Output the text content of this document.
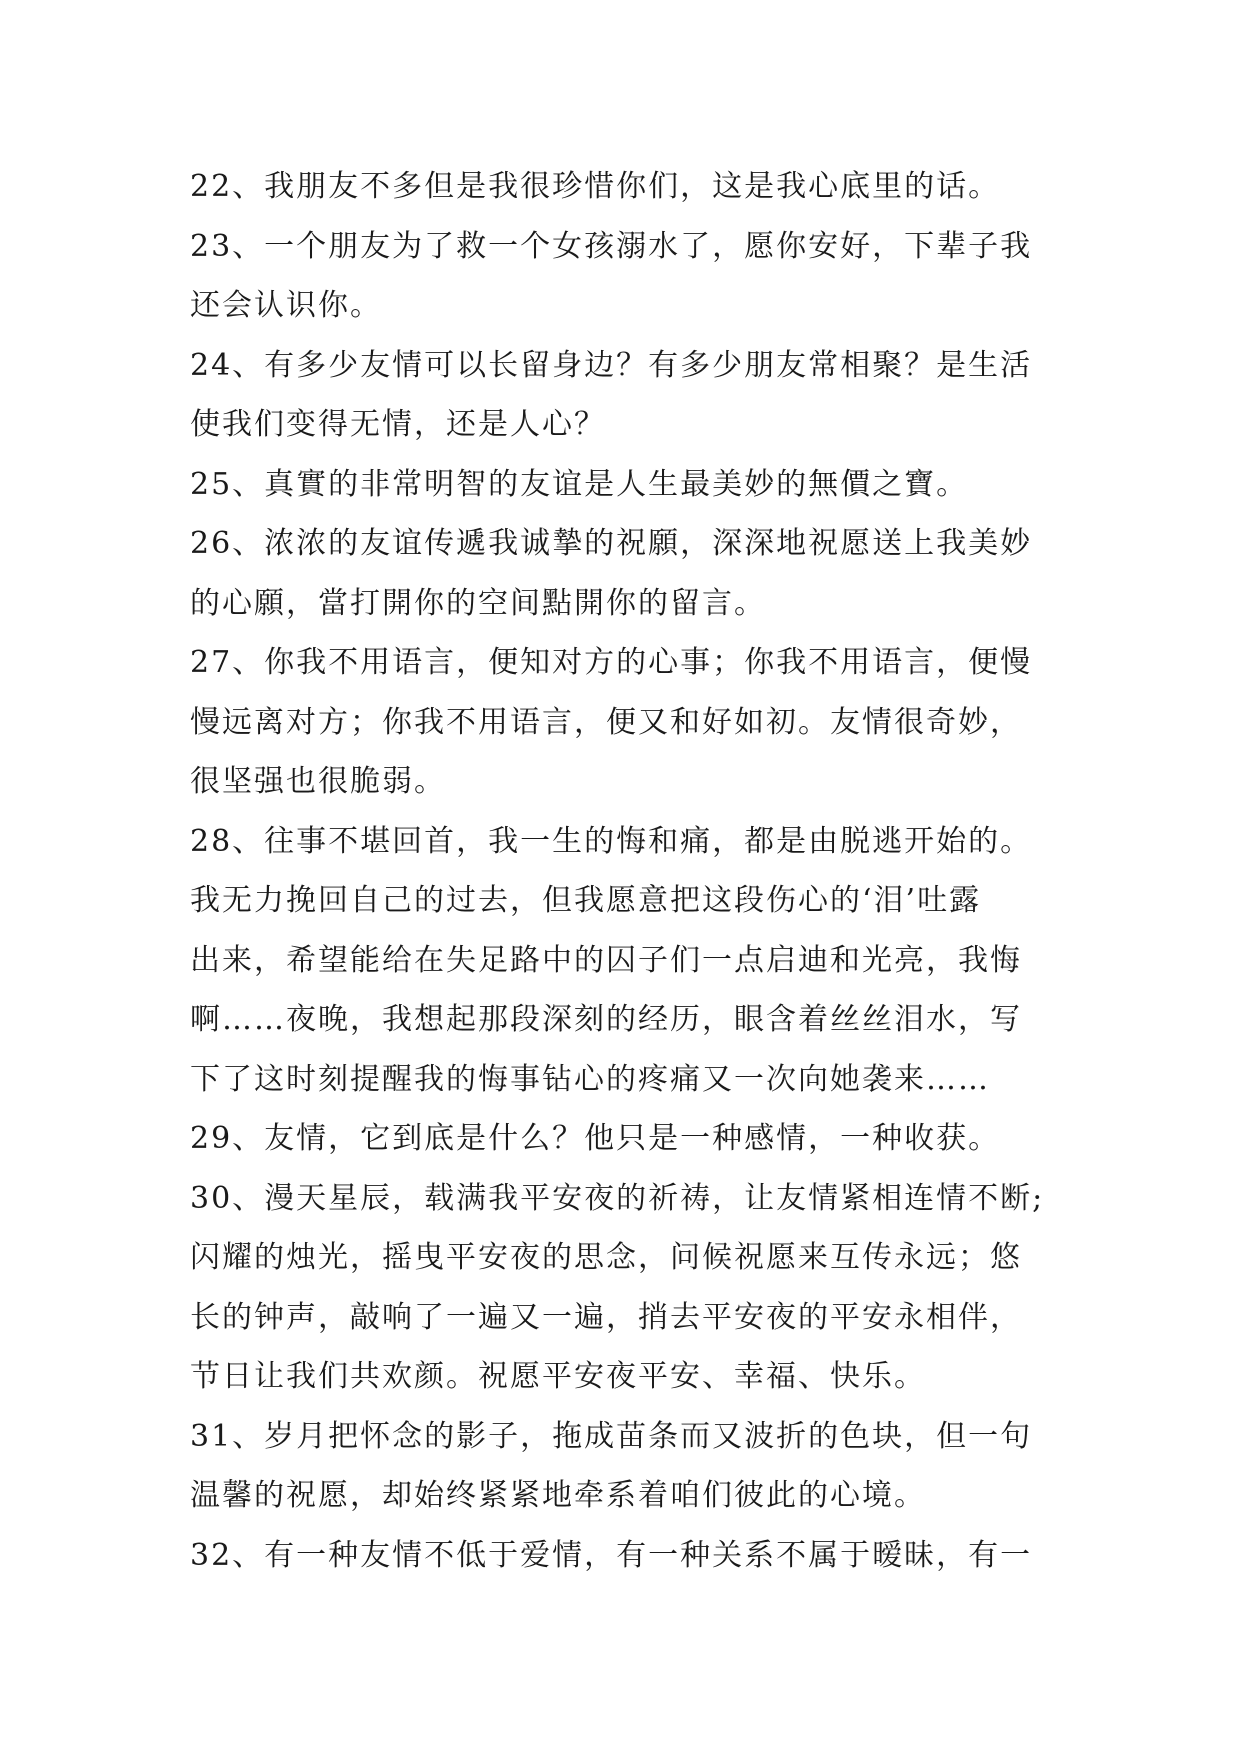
22、我朋友不多但是我很珍惜你们，这是我心底里的话。
23、一个朋友为了救一个女孩溺水了，愿你安好，下辈子我
还会认识你。
24、有多少友情可以长留身边？有多少朋友常相聚？是生活
使我们变得无情，还是人心？
25、真實的非常明智的友谊是人生最美妙的無價之寶。
26、浓浓的友谊传遞我诚摯的祝願，深深地祝愿送上我美妙
的心願，當打開你的空间點開你的留言。
27、你我不用语言，便知对方的心事；你我不用语言，便慢
慢远离对方；你我不用语言，便又和好如初。友情很奇妙，
很坚强也很脆弱。
28、往事不堪回首，我一生的悔和痛，都是由脱逃开始的。
我无力挽回自己的过去，但我愿意把这段伤心的‘泪’吐露
出来，希望能给在失足路中的囚子们一点启迪和光亮，我悔
啊……夜晚，我想起那段深刻的经历，眼含着丝丝泪水，写
下了这时刻提醒我的悔事钻心的疼痛又一次向她袭来……
29、友情，它到底是什么？他只是一种感情，一种收获。
30、漫天星辰，载满我平安夜的祈祷，让友情紧相连情不断;
闪耀的烛光，摇曳平安夜的思念，问候祝愿来互传永远；悠
长的钟声，敲响了一遍又一遍，捎去平安夜的平安永相伴，
节日让我们共欢颜。祝愿平安夜平安、幸福、快乐。
31、岁月把怀念的影子，拖成苗条而又波折的色块，但一句
温馨的祝愿，却始终紧紧地牵系着咱们彼此的心境。
32、有一种友情不低于爱情，有一种关系不属于暧昧，有一
